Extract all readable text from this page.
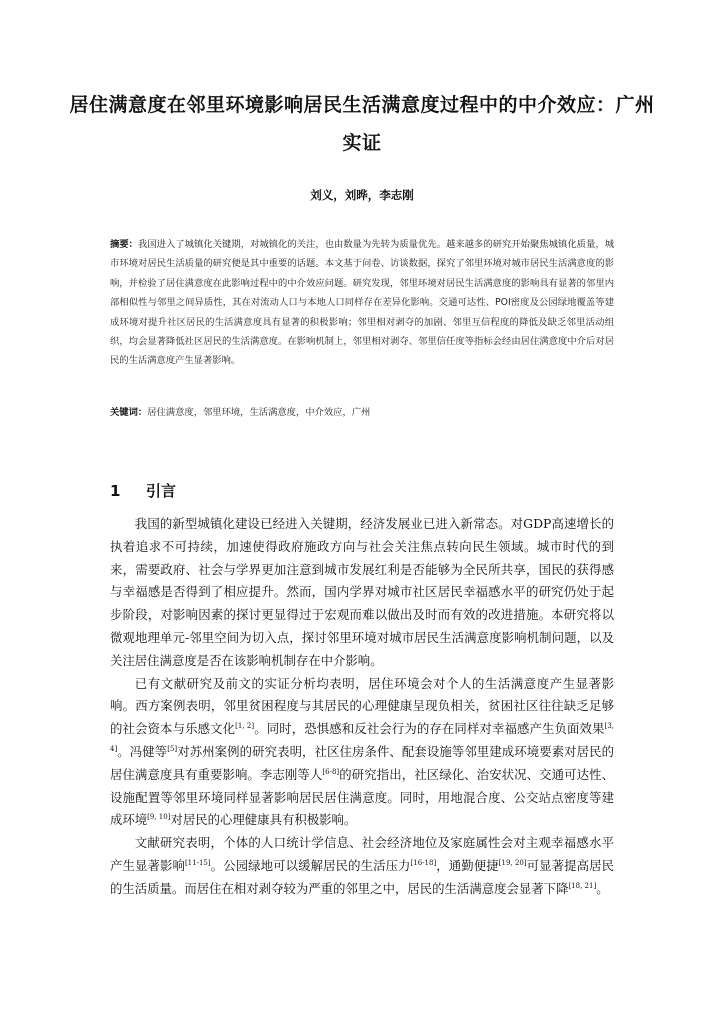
居住满意度在邻里环境影响居民生活满意度过程中的中介效应：广州实证
刘义，刘晔，李志刚
摘要：我国进入了城镇化关键期，对城镇化的关注，也由数量为先转为质量优先。越来越多的研究开始聚焦城镇化质量，城市环境对居民生活质量的研究便是其中重要的话题。本文基于问卷、访谈数据，探究了邻里环境对城市居民生活满意度的影响，并检验了居住满意度在此影响过程中的中介效应问题。研究发现，邻里环境对居民生活满意度的影响具有显著的邻里内部相似性与邻里之间异质性，其在对流动人口与本地人口同样存在差异化影响。交通可达性、POI密度及公园绿地覆盖等建成环境对提升社区居民的生活满意度具有显著的积极影响；邻里相对剥夺的加剧、邻里互信程度的降低及缺乏邻里活动组织，均会显著降低社区居民的生活满意度。在影响机制上，邻里相对剥夺、邻里信任度等指标会经由居住满意度中介后对居民的生活满意度产生显著影响。
关键词：居住满意度，邻里环境，生活满意度，中介效应，广州
1 引言

我国的新型城镇化建设已经进入关键期，经济发展业已进入新常态。对GDP高速增长的执着追求不可持续，加速使得政府施政方向与社会关注焦点转向民生领域。城市时代的到来，需要政府、社会与学界更加注意到城市发展红利是否能够为全民所共享，国民的获得感与幸福感是否得到了相应提升。然而，国内学界对城市社区居民幸福感水平的研究仍处于起步阶段，对影响因素的探讨更显得过于宏观而难以做出及时而有效的改进措施。本研究将以微观地理单元-邻里空间为切入点，探讨邻里环境对城市居民生活满意度影响机制问题，以及关注居住满意度是否在该影响机制存在中介影响。

已有文献研究及前文的实证分析均表明，居住环境会对个人的生活满意度产生显著影响。西方案例表明，邻里贫困程度与其居民的心理健康呈现负相关，贫困社区往往缺乏足够的社会资本与乐感文化[1, 2]。同时，恐惧感和反社会行为的存在同样对幸福感产生负面效果[3, 4]。冯健等[5]对苏州案例的研究表明，社区住房条件、配套设施等邻里建成环境要素对居民的居住满意度具有重要影响。李志刚等人[6-8]的研究指出，社区绿化、治安状况、交通可达性、设施配置等邻里环境同样显著影响居民居住满意度。同时，用地混合度、公交站点密度等建成环境[9, 10]对居民的心理健康具有积极影响。

文献研究表明，个体的人口统计学信息、社会经济地位及家庭属性会对主观幸福感水平产生显著影响[11-15]。公园绿地可以缓解居民的生活压力[16-18]，通勤便捷[19, 20]可显著提高居民的生活质量。而居住在相对剥夺较为严重的邻里之中，居民的生活满意度会显著下降[18, 21]。
